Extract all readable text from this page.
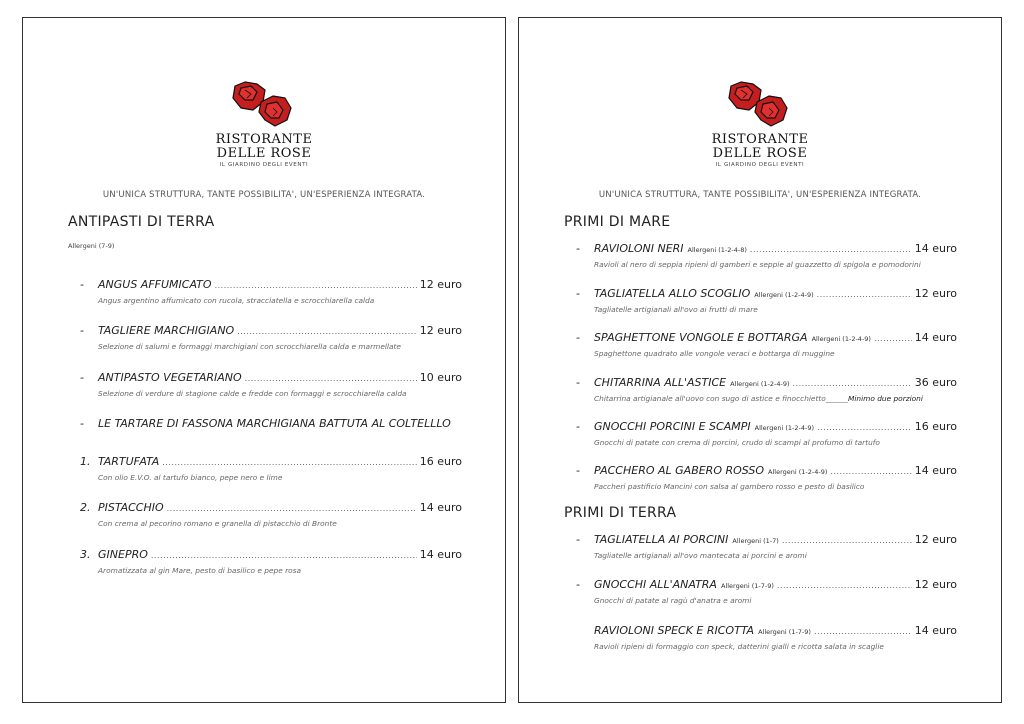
RISTORANTE
DELLE ROSE
IL GIARDINO DEGLI EVENTI
UN'UNICA STRUTTURA, TANTE POSSIBILITA', UN'ESPERIENZA INTEGRATA.
ANTIPASTI DI TERRA
Allergeni (7-9)
-	ANGUS AFFUMICATO .....	12 euro
Angus argentino affumicato con rucola, stracciatella e scrocchiarella calda
-	TAGLIERE MARCHIGIANO .....	12 euro
Selezione di salumi e formaggi marchigiani con scrocchiarella calda e marmellate
-	ANTIPASTO VEGETARIANO .....	10 euro
Selezione di verdure di stagione calde e fredde con formaggi e scrocchiarella calda
-	LE TARTARE DI FASSONA MARCHIGIANA BATTUTA AL COLTELLLO
1. TARTUFATA .....	16 euro
Con olio E.V.O. al tartufo bianco, pepe nero e lime
2. PISTACCHIO .....	14 euro
Con crema al pecorino romano e granella di pistacchio di Bronte
3. GINEPRO .....	14 euro
Aromatizzata al gin Mare, pesto di basilico e pepe rosa
RISTORANTE
DELLE ROSE
IL GIARDINO DEGLI EVENTI
UN'UNICA STRUTTURA, TANTE POSSIBILITA', UN'ESPERIENZA INTEGRATA.
PRIMI DI MARE
-	RAVIOLONI NERI Allergeni (1-2-4-8) .....	14 euro
Ravioli al nero di seppia ripieni di gamberi e seppie al guazzetto di spigola e pomodorini
-	TAGLIATELLA ALLO SCOGLIO Allergeni (1-2-4-9) .....	12 euro
Tagliatelle artigianali all'ovo ai frutti di mare
-	SPAGHETTONE VONGOLE E BOTTARGA Allergeni (1-2-4-9) .....	14 euro
Spaghettone quadrato alle vongole veraci e bottarga di muggine
-	CHITARRINA ALL'ASTICE Allergeni (1-2-4-9) .....	36 euro
Chitarrina artigianale all'uovo con sugo di astice e finocchietto______Minimo due porzioni
-	GNOCCHI PORCINI E SCAMPI Allergeni (1-2-4-9) .....	16 euro
Gnocchi di patate con crema di porcini, crudo di scampi al profumo di tartufo
-	PACCHERO AL GABERO ROSSO Allergeni (1-2-4-9) .....	14 euro
Paccheri pastificio Mancini con salsa al gambero rosso e pesto di basilico
PRIMI DI TERRA
-	TAGLIATELLA AI PORCINI Allergeni (1-7) .....	12 euro
Tagliatelle artigianali all'ovo mantecata ai porcini e aromi
-	GNOCCHI ALL'ANATRA Allergeni (1-7-9) .....	12 euro
Gnocchi di patate al ragù d'anatra e aromi
RAVIOLONI SPECK E RICOTTA Allergeni (1-7-9) .....	14 euro
Ravioli ripieni di formaggio con speck, datterini gialli e ricotta salata in scaglie
